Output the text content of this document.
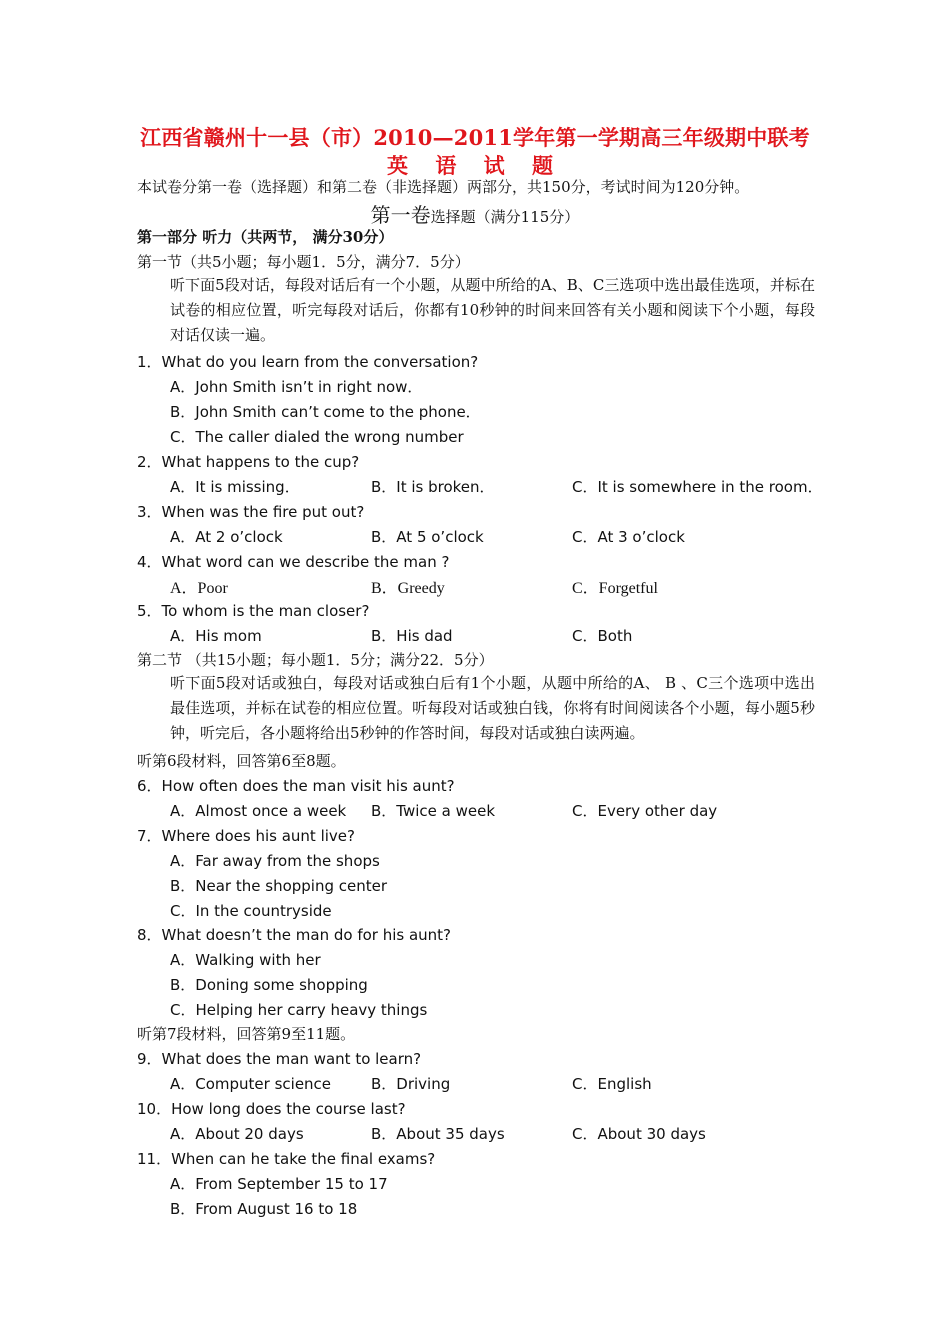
江西省赣州十一县（市）2010—2011学年第一学期高三年级期中联考
英 语 试 题
本试卷分第一卷（选择题）和第二卷（非选择题）两部分，共150分，考试时间为120分钟。
第一卷选择题（满分115分）
第一部分 听力（共两节， 满分30分）
第一节（共5小题；每小题1．5分，满分7．5分）
听下面5段对话，每段对话后有一个小题，从题中所给的A、B、C三选项中选出最佳选项，并标在试卷的相应位置，听完每段对话后，你都有10秒钟的时间来回答有关小题和阅读下个小题，每段对话仅读一遍。
1．What do you learn from the conversation?
A．John Smith isn’t in right now．
B．John Smith can’t come to the phone．
C．The caller dialed the wrong number
2．What happens to the cup?
A．It is missing．	B．It is broken．	C．It is somewhere in the room．
3．When was the fire put out?
A．At 2 o’clock	B．At 5 o’clock	C．At 3 o’clock
4．What word can we describe the man ?
A．Poor	B．Greedy	C．Forgetful
5．To whom is the man closer?
A．His mom	B．His dad	C．Both
第二节 （共15小题；每小题1．5分；满分22．5分）
听下面5段对话或独白，每段对话或独白后有1个小题，从题中所给的A、 B 、C三个选项中选出最佳选项，并标在试卷的相应位置。听每段对话或独白钱，你将有时间阅读各个小题，每小题5秒钟，听完后，各小题将给出5秒钟的作答时间，每段对话或独白读两遍。
听第6段材料，回答第6至8题。
6．How often does the man visit his aunt?
A．Almost once a week B．Twice a week	C．Every other day
7．Where does his aunt live?
A．Far away from the shops
B．Near the shopping center
C．In the countryside
8．What doesn’t the man do for his aunt?
A．Walking with her
B．Doning some shopping
C．Helping her carry heavy things
听第7段材料，回答第9至11题。
9．What does the man want to learn?
A．Computer science	B．Driving	C．English
10．How long does the course last?
A．About 20 days	B．About 35 days	C．About 30 days
11．When can he take the final exams?
A．From September 15 to 17
B．From August 16 to 18
